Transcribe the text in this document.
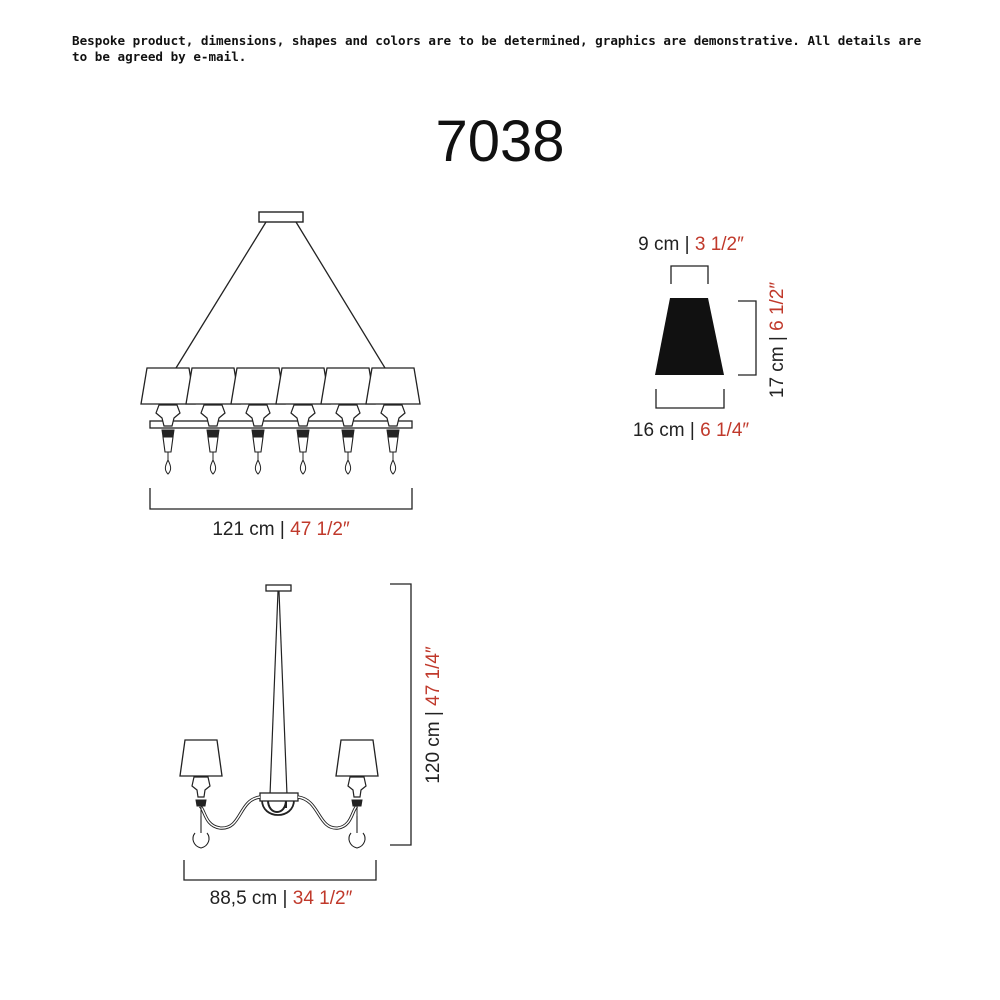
Bespoke product, dimensions, shapes and colors are to be determined, graphics are demonstrative. All details are to be agreed by e-mail.

7038
121 cm | 47 1/2″
88,5 cm | 34 1/2″
120 cm | 47 1/4″
9 cm | 3 1/2″
16 cm | 6 1/4″
17 cm | 6 1/2″
